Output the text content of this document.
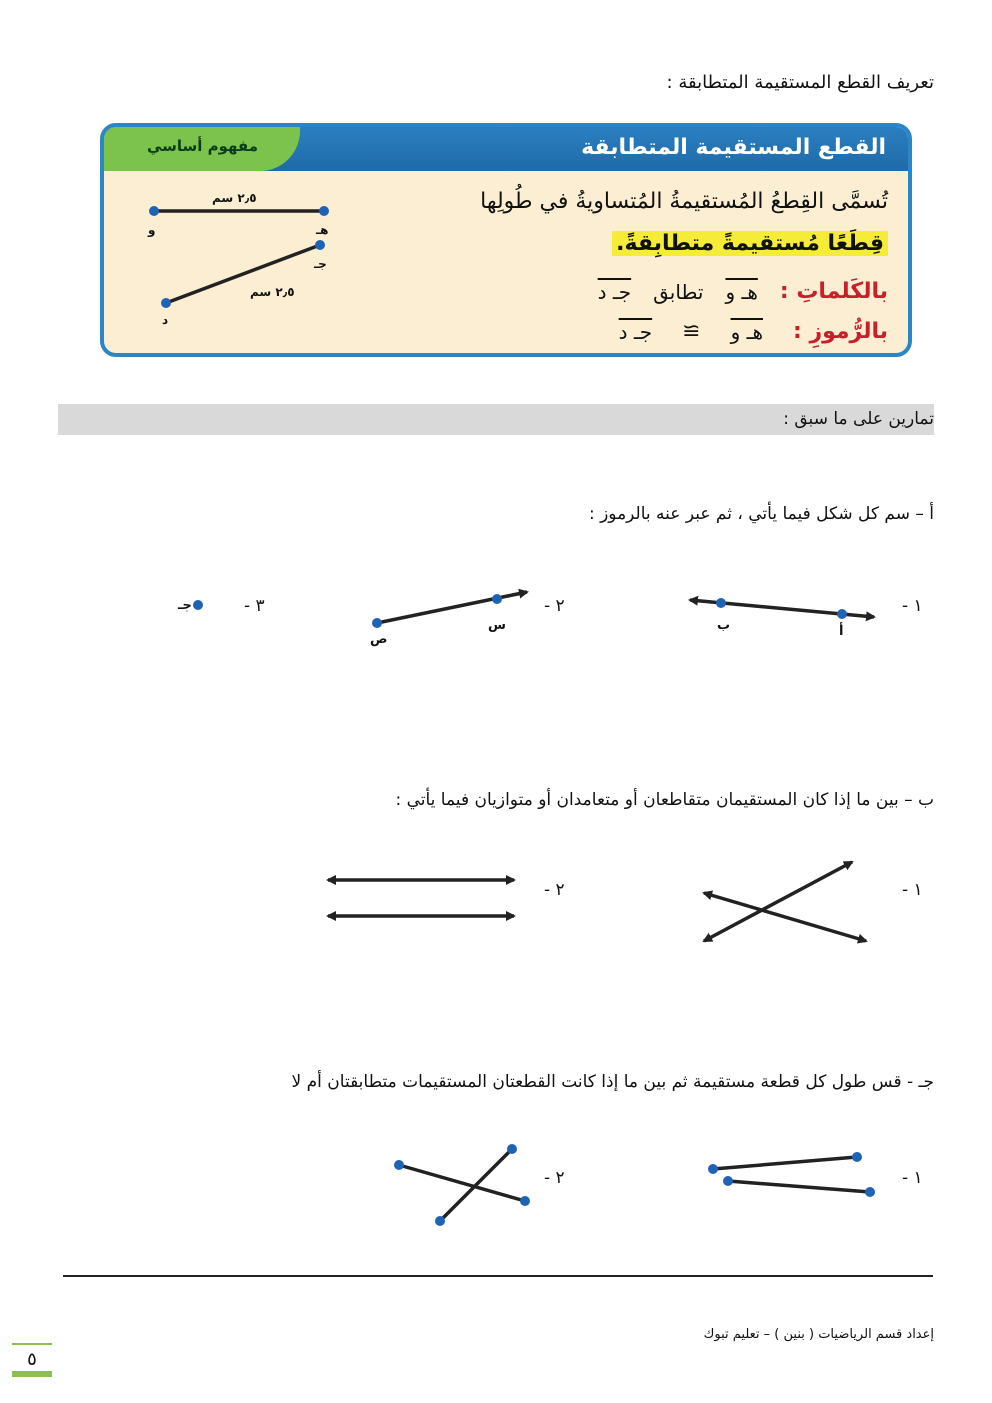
تعريف القطع المستقيمة المتطابقة :
القطع المستقيمة المتطابقة
مفهوم أساسي
تُسمَّى القِطعُ المُستقيمةُ المُتساويةُ في طُولِها
قِطَعًا مُستقيمةً متطابِقةً.
بالكَلماتِ :
هـ و
تطابق
جـ د
بالرُّموزِ :
هـ و
≅
جـ د
٢٫٥ سم
٢٫٥ سم
هـ
و
جـ
د
تمارين على ما سبق :
أ – سم كل شكل فيما يأتي ، ثم عبر عنه بالرموز :
١ -
٢ -
٣ -
ب	أ
س
ص
جـ
ب – بين ما إذا كان المستقيمان متقاطعان أو متعامدان أو متوازيان فيما يأتي :
١ -
٢ -
جـ - قس طول كل قطعة مستقيمة ثم بين ما إذا كانت القطعتان المستقيمات متطابقتان أم لا
١ -
٢ -
إعداد قسم الرياضيات ( بنين ) – تعليم تبوك
٥
